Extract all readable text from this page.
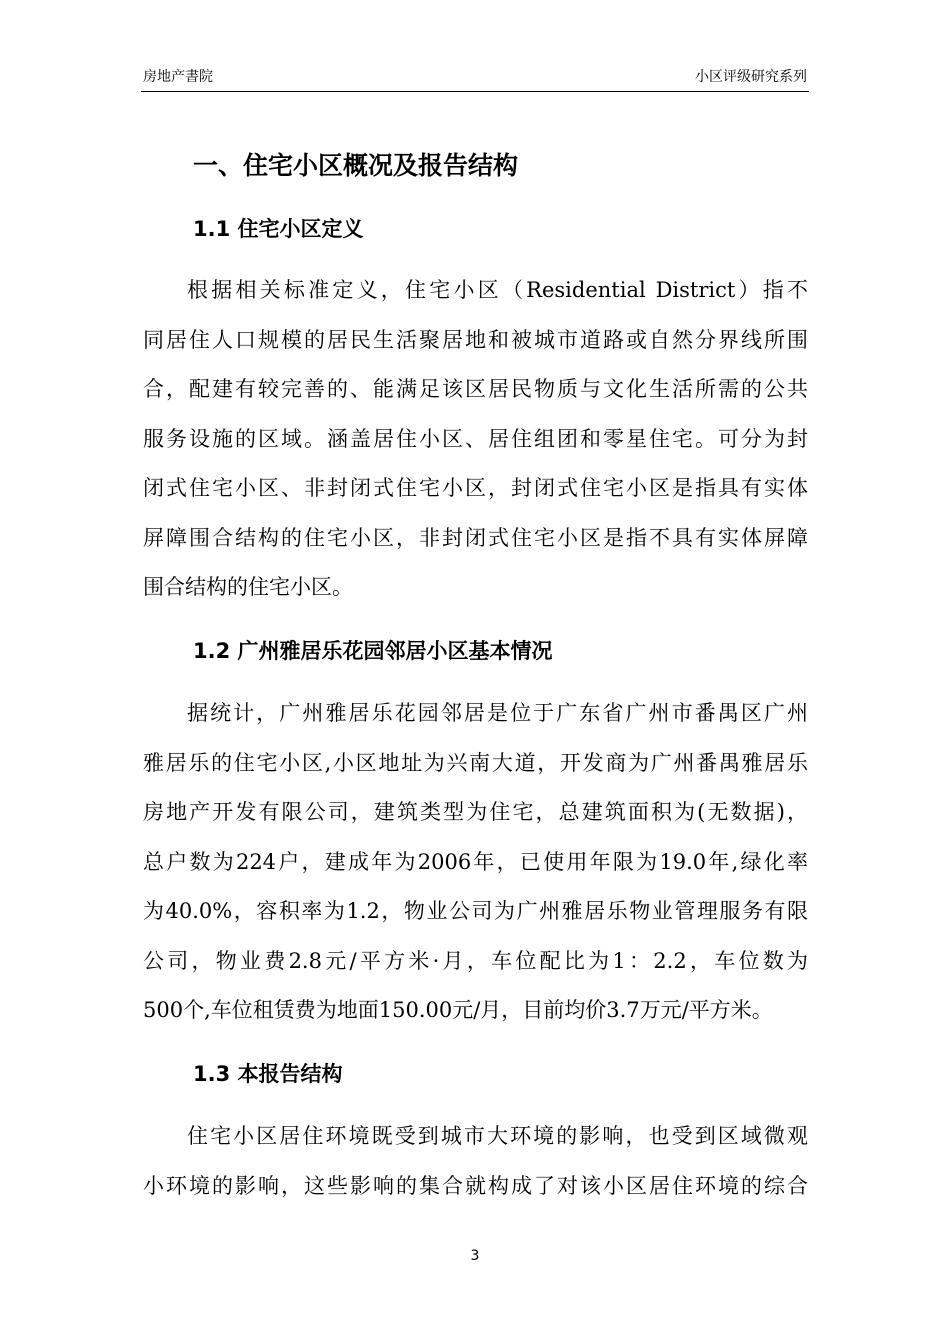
房地产書院	小区评级研究系列
一、住宅小区概况及报告结构
1.1 住宅小区定义
根据相关标准定义，住宅小区（Residential District）指不
同居住人口规模的居民生活聚居地和被城市道路或自然分界线所围
合，配建有较完善的、能满足该区居民物质与文化生活所需的公共
服务设施的区域。涵盖居住小区、居住组团和零星住宅。可分为封
闭式住宅小区、非封闭式住宅小区，封闭式住宅小区是指具有实体
屏障围合结构的住宅小区，非封闭式住宅小区是指不具有实体屏障
围合结构的住宅小区。
1.2 广州雅居乐花园邻居小区基本情况
据统计，广州雅居乐花园邻居是位于广东省广州市番禺区广州
雅居乐的住宅小区,小区地址为兴南大道，开发商为广州番禺雅居乐
房地产开发有限公司，建筑类型为住宅，总建筑面积为(无数据)，
总户数为224户，建成年为2006年，已使用年限为19.0年,绿化率
为40.0%，容积率为1.2，物业公司为广州雅居乐物业管理服务有限
公司，物业费2.8元/平方米·月，车位配比为1：2.2，车位数为
500个,车位租赁费为地面150.00元/月，目前均价3.7万元/平方米。
1.3 本报告结构
住宅小区居住环境既受到城市大环境的影响，也受到区域微观
小环境的影响，这些影响的集合就构成了对该小区居住环境的综合
3
